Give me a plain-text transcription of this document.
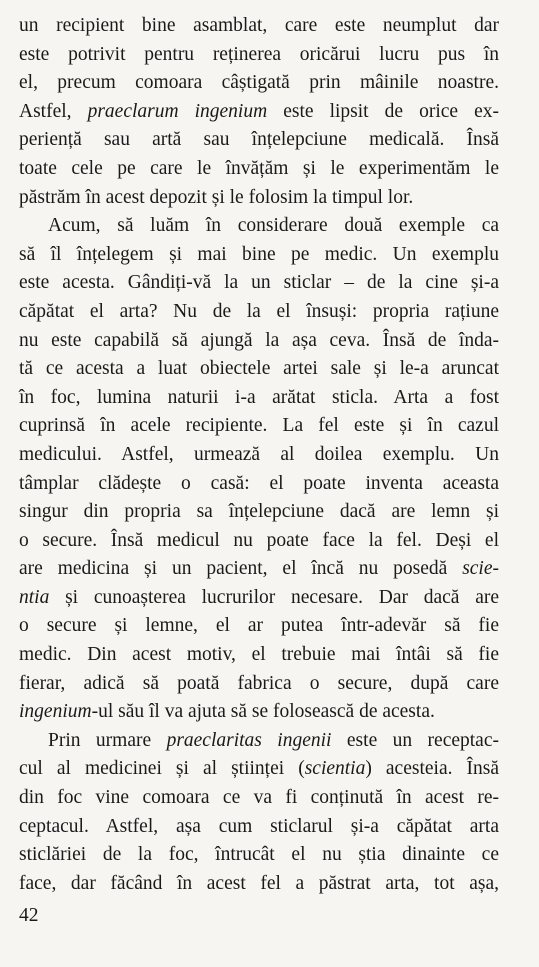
un recipient bine asamblat, care este neumplut dar
este potrivit pentru reținerea oricărui lucru pus în
el, precum comoara câștigată prin mâinile noastre.
Astfel, praeclarum ingenium este lipsit de orice ex-
periență sau artă sau înțelepciune medicală. Însă
toate cele pe care le învățăm și le experimentăm le
păstrăm în acest depozit și le folosim la timpul lor.
Acum, să luăm în considerare două exemple ca
să îl înțelegem și mai bine pe medic. Un exemplu
este acesta. Gândiți-vă la un sticlar – de la cine și-a
căpătat el arta? Nu de la el însuși: propria rațiune
nu este capabilă să ajungă la așa ceva. Însă de înda-
tă ce acesta a luat obiectele artei sale și le-a aruncat
în foc, lumina naturii i-a arătat sticla. Arta a fost
cuprinsă în acele recipiente. La fel este și în cazul
medicului. Astfel, urmează al doilea exemplu. Un
tâmplar clădește o casă: el poate inventa aceasta
singur din propria sa înțelepciune dacă are lemn și
o secure. Însă medicul nu poate face la fel. Deși el
are medicina și un pacient, el încă nu posedă scie-
ntia și cunoașterea lucrurilor necesare. Dar dacă are
o secure și lemne, el ar putea într-adevăr să fie
medic. Din acest motiv, el trebuie mai întâi să fie
fierar, adică să poată fabrica o secure, după care
ingenium-ul său îl va ajuta să se folosească de acesta.
Prin urmare praeclaritas ingenii este un receptac-
cul al medicinei și al științei (scientia) acesteia. Însă
din foc vine comoara ce va fi conținută în acest re-
ceptacul. Astfel, așa cum sticlarul și-a căpătat arta
sticlăriei de la foc, întrucât el nu știa dinainte ce
face, dar făcând în acest fel a păstrat arta, tot așa,
42
